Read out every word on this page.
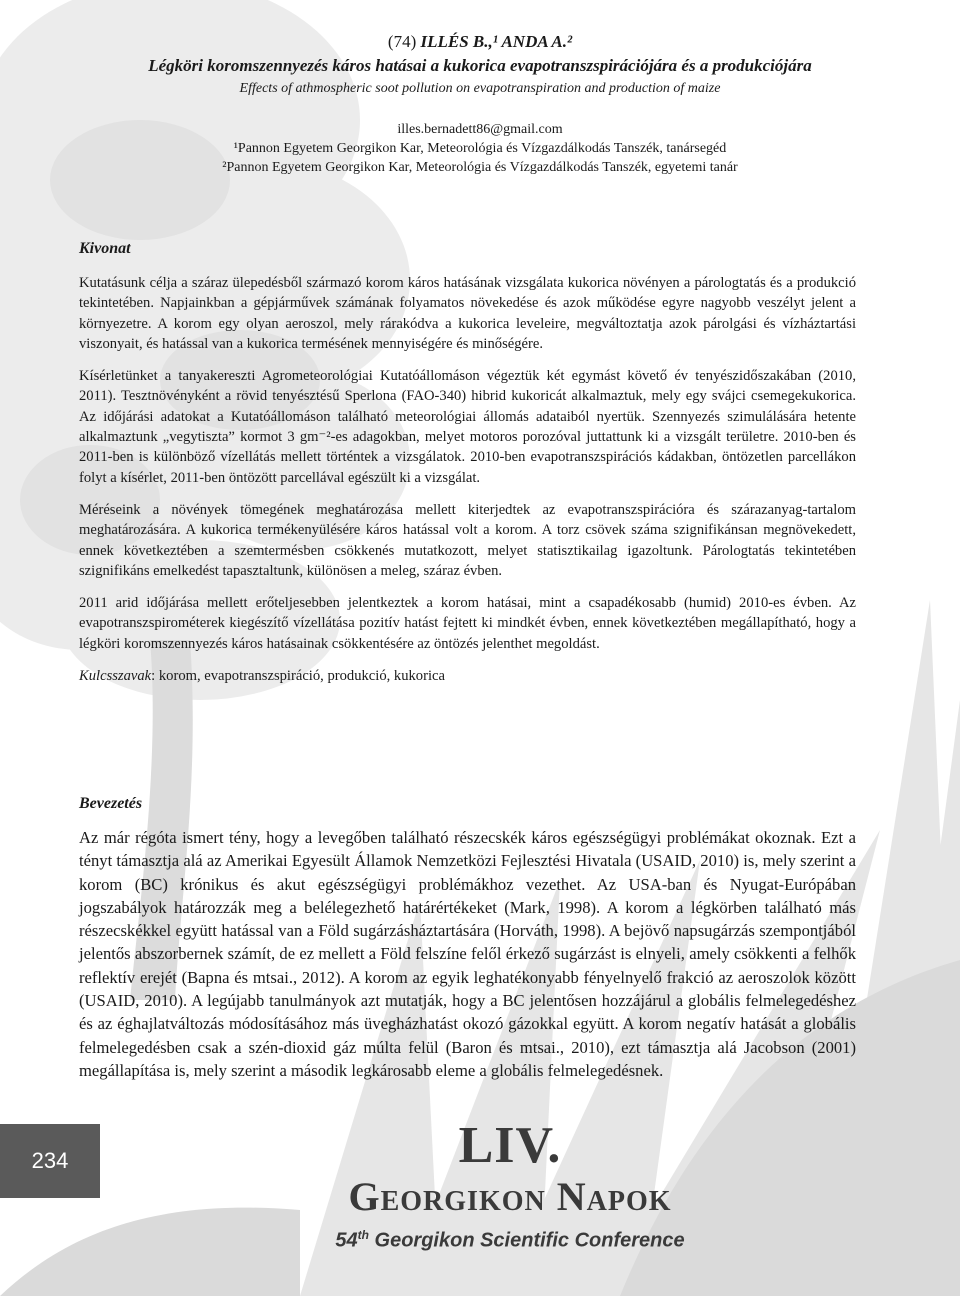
(74) ILLÉS B.,¹ ANDA A.²
Légköri koromszennyezés káros hatásai a kukorica evapotranszspirációjára és a produkciójára
Effects of athmospheric soot pollution on evapotranspiration and production of maize
illes.bernadett86@gmail.com
¹Pannon Egyetem Georgikon Kar, Meteorológia és Vízgazdálkodás Tanszék, tanársegéd
²Pannon Egyetem Georgikon Kar, Meteorológia és Vízgazdálkodás Tanszék, egyetemi tanár
Kivonat

Kutatásunk célja a száraz ülepedésből származó korom káros hatásának vizsgálata kukorica növényen a párologtatás és a produkció tekintetében. Napjainkban a gépjárművek számának folyamatos növekedése és azok működése egyre nagyobb veszélyt jelent a környezetre. A korom egy olyan aeroszol, mely rárakódva a kukorica leveleire, megváltoztatja azok párolgási és vízháztartási viszonyait, és hatással van a kukorica termésének mennyiségére és minőségére.

Kísérletünket a tanyakereszti Agrometeorológiai Kutatóállomáson végeztük két egymást követő év tenyészidőszakában (2010, 2011). Tesztnövényként a rövid tenyésztésű Sperlona (FAO-340) hibrid kukoricát alkalmaztuk, mely egy svájci csemegekukorica. Az időjárási adatokat a Kutatóállomáson található meteorológiai állomás adataiból nyertük. Szennyezés szimulálására hetente alkalmaztunk „vegytiszta” kormot 3 gm⁻²-es adagokban, melyet motoros porozóval juttattunk ki a vizsgált területre. 2010-ben és 2011-ben is különböző vízellátás mellett történtek a vizsgálatok. 2010-ben evapotranszspirációs kádakban, öntözetlen parcellákon folyt a kísérlet, 2011-ben öntözött parcellával egészült ki a vizsgálat.

Méréseink a növények tömegének meghatározása mellett kiterjedtek az evapotranszspirációra és szárazanyag-tartalom meghatározására. A kukorica termékenyülésére káros hatással volt a korom. A torz csövek száma szignifikánsan megnövekedett, ennek következtében a szemtermésben csökkenés mutatkozott, melyet statisztikailag igazoltunk. Párologtatás tekintetében szignifikáns emelkedést tapasztaltunk, különösen a meleg, száraz évben.

2011 arid időjárása mellett erőteljesebben jelentkeztek a korom hatásai, mint a csapadékosabb (humid) 2010-es évben. Az evapotranszspirométerek kiegészítő vízellátása pozitív hatást fejtett ki mindkét évben, ennek következtében megállapítható, hogy a légköri koromszennyezés káros hatásainak csökkentésére az öntözés jelenthet megoldást.

Kulcsszavak: korom, evapotranszspiráció, produkció, kukorica

Bevezetés

Az már régóta ismert tény, hogy a levegőben található részecskék káros egészségügyi problémákat okoznak. Ezt a tényt támasztja alá az Amerikai Egyesült Államok Nemzetközi Fejlesztési Hivatala (USAID, 2010) is, mely szerint a korom (BC) krónikus és akut egészségügyi problémákhoz vezethet. Az USA-ban és Nyugat-Európában jogszabályok határozzák meg a belélegezhető határértékeket (Mark, 1998). A korom a légkörben található más részecskékkel együtt hatással van a Föld sugárzásháztartására (Horváth, 1998). A bejövő napsugárzás szempontjából jelentős abszorbernek számít, de ez mellett a Föld felszíne felől érkező sugárzást is elnyeli, amely csökkenti a felhők reflektív erejét (Bapna és mtsai., 2012). A korom az egyik leghatékonyabb fényelnyelő frakció az aeroszolok között (USAID, 2010). A legújabb tanulmányok azt mutatják, hogy a BC jelentősen hozzájárul a globális felmelegedéshez és az éghajlatváltozás módosításához más üvegházhatást okozó gázokkal együtt. A korom negatív hatását a globális felmelegedésben csak a szén-dioxid gáz múlta felül (Baron és mtsai., 2010), ezt támasztja alá Jacobson (2001) megállapítása is, mely szerint a második legkárosabb eleme a globális felmelegedésnek.

234	LIV.
Georgikon Napok
54th Georgikon Scientific Conference
